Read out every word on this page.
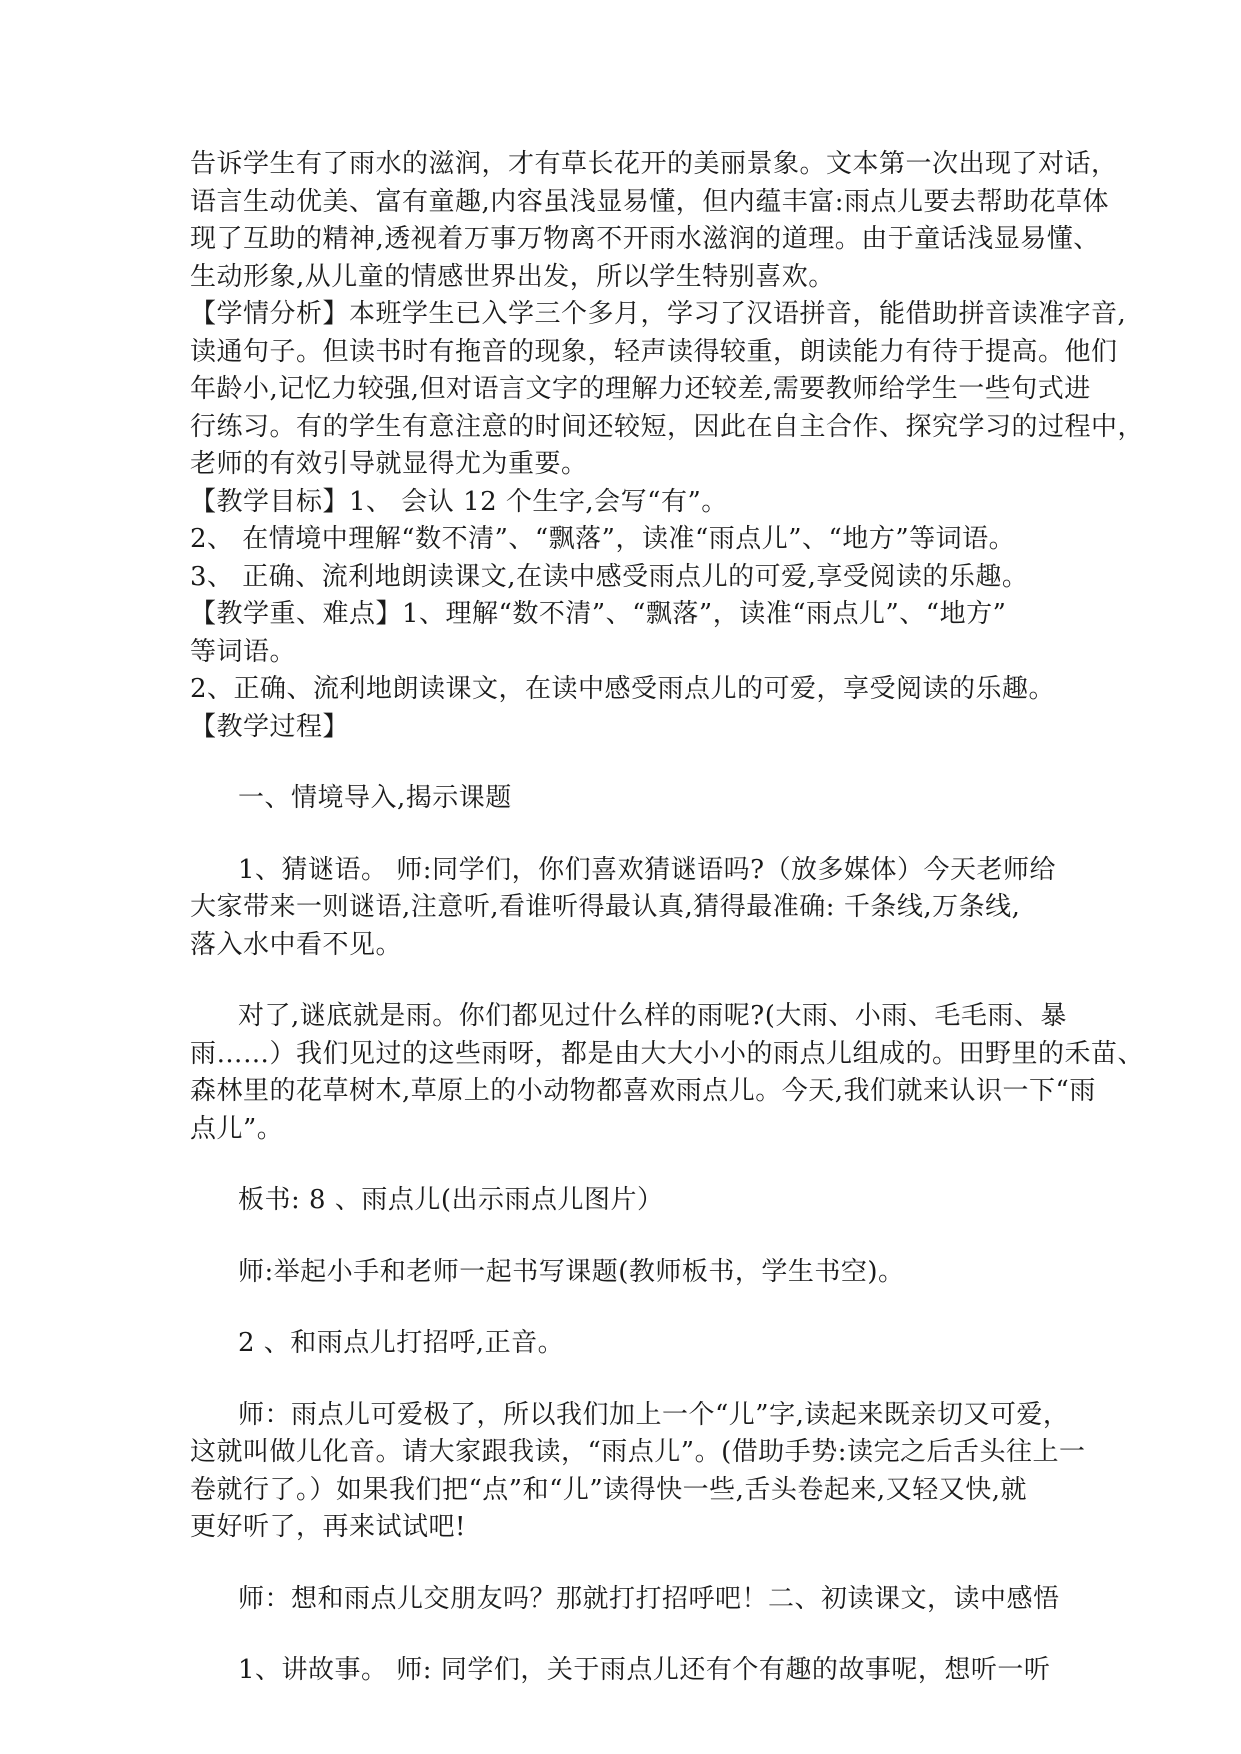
告诉学生有了雨水的滋润，才有草长花开的美丽景象。文本第一次出现了对话，
语言生动优美、富有童趣,内容虽浅显易懂，但内蕴丰富:雨点儿要去帮助花草体
现了互助的精神,透视着万事万物离不开雨水滋润的道理。由于童话浅显易懂、
生动形象,从儿童的情感世界出发，所以学生特别喜欢。
【学情分析】本班学生已入学三个多月，学习了汉语拼音，能借助拼音读准字音,
读通句子。但读书时有拖音的现象，轻声读得较重，朗读能力有待于提高。他们
年龄小,记忆力较强,但对语言文字的理解力还较差,需要教师给学生一些句式进
行练习。有的学生有意注意的时间还较短，因此在自主合作、探究学习的过程中，
老师的有效引导就显得尤为重要。
【教学目标】1、 会认 12 个生字,会写“有”。
2、 在情境中理解“数不清”、“飘落”，读准“雨点儿”、“地方”等词语。
3、 正确、流利地朗读课文,在读中感受雨点儿的可爱,享受阅读的乐趣。
【教学重、难点】1、理解“数不清”、“飘落”，读准“雨点儿”、“地方”
等词语。
2、正确、流利地朗读课文，在读中感受雨点儿的可爱，享受阅读的乐趣。
【教学过程】
一、情境导入,揭示课题
1、猜谜语。 师:同学们，你们喜欢猜谜语吗?（放多媒体）今天老师给
大家带来一则谜语,注意听,看谁听得最认真,猜得最准确: 千条线,万条线,
落入水中看不见。
对了,谜底就是雨。你们都见过什么样的雨呢?(大雨、小雨、毛毛雨、暴
雨……）我们见过的这些雨呀，都是由大大小小的雨点儿组成的。田野里的禾苗、
森林里的花草树木,草原上的小动物都喜欢雨点儿。今天,我们就来认识一下“雨
点儿”。
板书: 8 、雨点儿(出示雨点儿图片）
师:举起小手和老师一起书写课题(教师板书，学生书空)。
2 、和雨点儿打招呼,正音。
师：雨点儿可爱极了，所以我们加上一个“儿”字,读起来既亲切又可爱，
这就叫做儿化音。请大家跟我读，“雨点儿”。(借助手势:读完之后舌头往上一
卷就行了。）如果我们把“点”和“儿”读得快一些,舌头卷起来,又轻又快,就
更好听了，再来试试吧!
师：想和雨点儿交朋友吗？那就打打招呼吧！二、初读课文，读中感悟
1、讲故事。 师: 同学们，关于雨点儿还有个有趣的故事呢，想听一听
